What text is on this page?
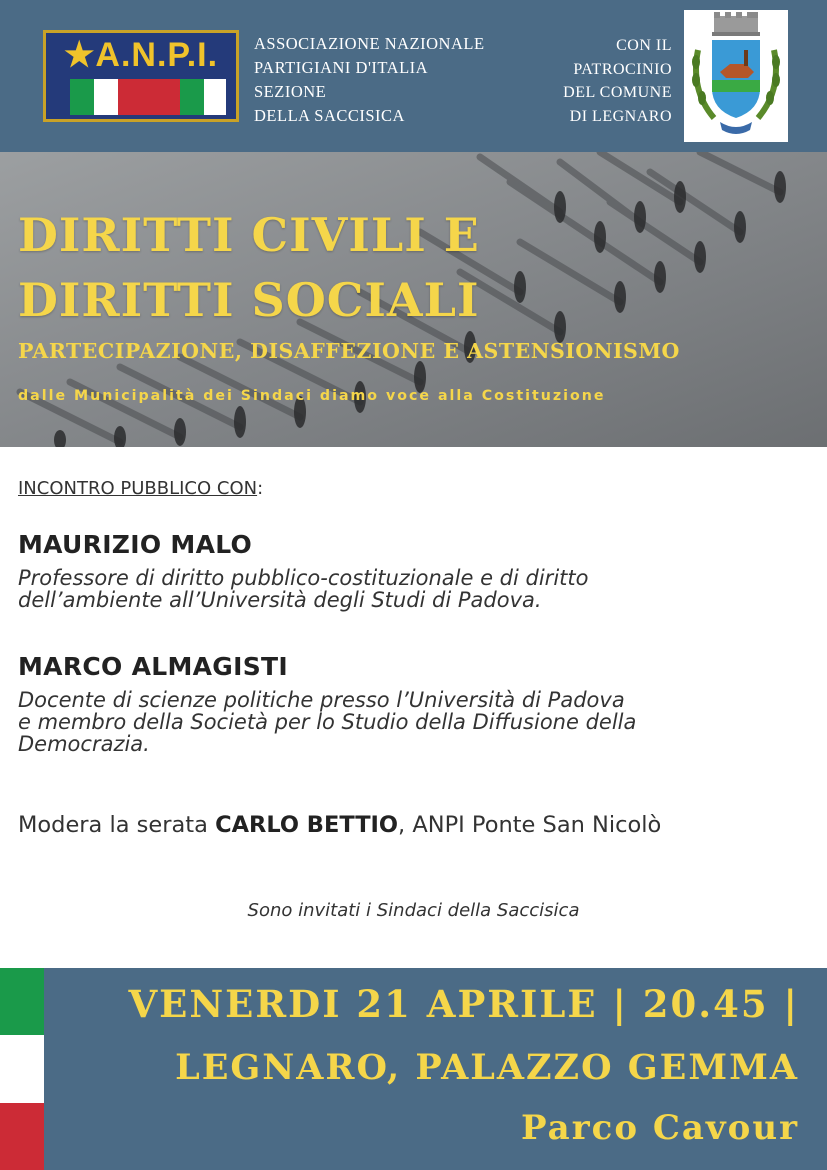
★A.N.P.I.	ASSOCIAZIONE NAZIONALE
PARTIGIANI D'ITALIA
SEZIONE
DELLA SACCISICA
CON IL
PATROCINIO
DEL COMUNE
DI LEGNARO
DIRITTI CIVILI E
DIRITTI SOCIALI
PARTECIPAZIONE, DISAFFEZIONE E ASTENSIONISMO
dalle Municipalità dei Sindaci diamo voce alla Costituzione
INCONTRO PUBBLICO CON:
MAURIZIO MALO
Professore di diritto pubblico-costituzionale e di diritto
dell’ambiente all’Università degli Studi di Padova.
MARCO ALMAGISTI
Docente di scienze politiche presso l’Università di Padova
e membro della Società per lo Studio della Diffusione della
Democrazia.
Modera la serata CARLO BETTIO, ANPI Ponte San Nicolò
Sono invitati i Sindaci della Saccisica
VENERDI 21 APRILE | 20.45 |
LEGNARO, PALAZZO GEMMA
Parco Cavour
